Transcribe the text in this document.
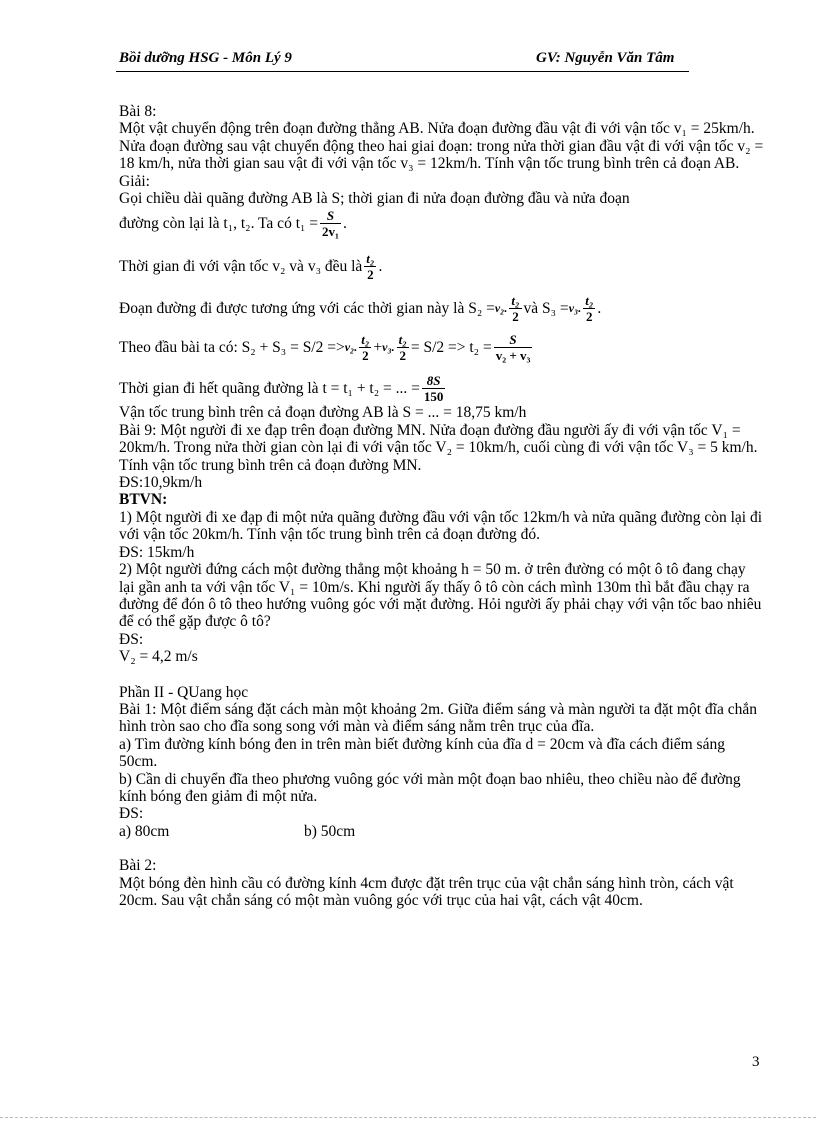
Bồi dưỡng HSG - Môn Lý 9	GV: Nguyễn Văn Tâm

Bài 8:

Một vật chuyển động trên đoạn đường thẳng AB. Nửa đoạn đường đầu vật đi với vận tốc v₁ = 25km/h. Nửa đoạn đường sau vật chuyển động theo hai giai đoạn: trong nửa thời gian đầu vật đi với vận tốc v₂ = 18 km/h, nửa thời gian sau vật đi với vận tốc v₃ = 12km/h. Tính vận tốc trung bình trên cả đoạn AB.

Giải:

Gọi chiều dài quãng đường AB là S; thời gian đi nửa đoạn đường đầu và nửa đoạn

đường còn lại là t₁, t₂. Ta có $t_1 = \frac{S}{\text{2v₁}}$ .
Thời gian đi với vận tốc v₂ và v₃ đều là $\frac{\text{t₂}}{2}$ .
Đoạn đường đi được tương ứng với các thời gian này là S₂ = v₂. $\frac{\text{t₂}}{2}$ và S₃ = v₃. $\frac{\text{t₂}}{2}$ .
Theo đầu bài ta có: S₂ + S₃ = S/2 => v₂. $\frac{\text{t₂}}{2} + v_3$. $\frac{\text{t₂}}{2} = S/2 => t_2 = \frac{S}{\text{v₂ + v₃}}$
Thời gian đi hết quãng đường là t = t₁ + t₂ = ... = $\frac{8S}{150}$

Vận tốc trung bình trên cả đoạn đường AB là S = ... = 18,75 km/h

Bài 9: Một người đi xe đạp trên đoạn đường MN. Nửa đoạn đường đầu người ấy đi với vận tốc V₁ = 20km/h. Trong nửa thời gian còn lại đi với vận tốc V₂ = 10km/h, cuối cùng đi với vận tốc V₃ = 5 km/h. Tính vận tốc trung bình trên cả đoạn đường MN.

ĐS:10,9km/h

BTVN:

1) Một người đi xe đạp đi một nửa quãng đường đầu với vận tốc 12km/h và nửa quãng đường còn lại đi với vận tốc 20km/h. Tính vận tốc trung bình trên cả đoạn đường đó.

ĐS: 15km/h

2) Một người đứng cách một đường thẳng một khoảng h = 50 m. ở trên đường có một ô tô đang chạy lại gần anh ta với vận tốc V₁ = 10m/s. Khi người ấy thấy ô tô còn cách mình 130m thì bắt đầu chạy ra đường để đón ô tô theo hướng vuông góc với mặt đường. Hỏi người ấy phải chạy với vận tốc bao nhiêu để có thể gặp được ô tô?

ĐS:

V₂ = 4,2 m/s

Phần II - QUang học

Bài 1: Một điểm sáng đặt cách màn một khoảng 2m. Giữa điểm sáng và màn người ta đặt một đĩa chắn hình tròn sao cho đĩa song song với màn và điểm sáng nằm trên trục của đĩa.

a) Tìm đường kính bóng đen in trên màn biết đường kính của đĩa d = 20cm và đĩa cách điểm sáng 50cm.

b) Cần di chuyển đĩa theo phương vuông góc với màn một đoạn bao nhiêu, theo chiều nào để đường kính bóng đen giảm đi một nửa.

ĐS:

a) 80cm	b) 50cm

Bài 2:

Một bóng đèn hình cầu có đường kính 4cm được đặt trên trục của vật chắn sáng hình tròn, cách vật 20cm. Sau vật chắn sáng có một màn vuông góc với trục của hai vật, cách vật 40cm.

3
